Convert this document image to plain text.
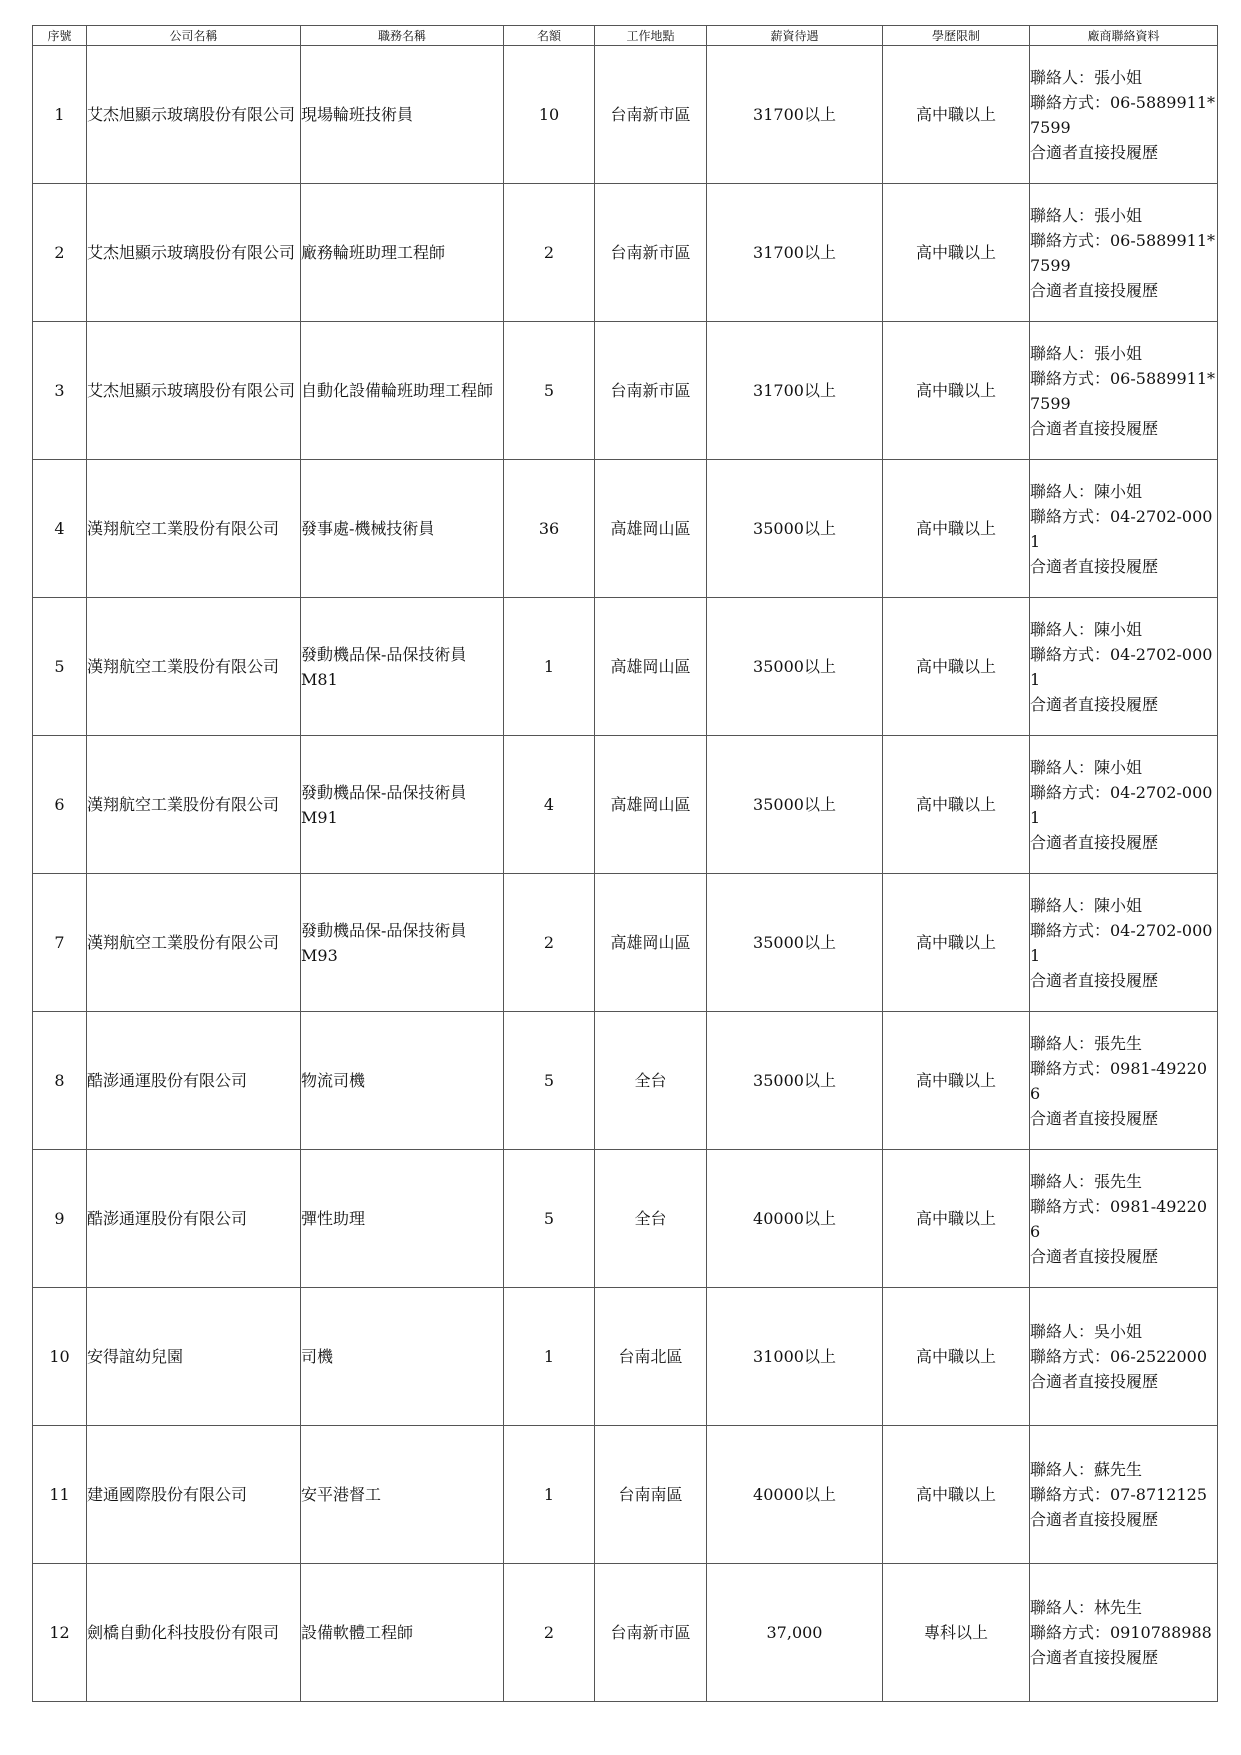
序號	公司名稱	職務名稱	名額	工作地點	薪資待遇	學歷限制	廠商聯絡資料
1	艾杰旭顯示玻璃股份有限公司	現場輪班技術員	10	台南新市區	31700以上	高中職以上	聯絡人：張小姐
聯絡方式：06-5889911*7599
合適者直接投履歷

2	艾杰旭顯示玻璃股份有限公司	廠務輪班助理工程師	2	台南新市區	31700以上	高中職以上	聯絡人：張小姐
聯絡方式：06-5889911*7599
合適者直接投履歷

3	艾杰旭顯示玻璃股份有限公司	自動化設備輪班助理工程師	5	台南新市區	31700以上	高中職以上	聯絡人：張小姐
聯絡方式：06-5889911*7599
合適者直接投履歷

4	漢翔航空工業股份有限公司	發事處-機械技術員	36	高雄岡山區	35000以上	高中職以上	聯絡人：陳小姐
聯絡方式：04-2702-0001
合適者直接投履歷

5	漢翔航空工業股份有限公司	發動機品保-品保技術員M81	1	高雄岡山區	35000以上	高中職以上	聯絡人：陳小姐
聯絡方式：04-2702-0001
合適者直接投履歷

6	漢翔航空工業股份有限公司	發動機品保-品保技術員M91	4	高雄岡山區	35000以上	高中職以上	聯絡人：陳小姐
聯絡方式：04-2702-0001
合適者直接投履歷

7	漢翔航空工業股份有限公司	發動機品保-品保技術員M93	2	高雄岡山區	35000以上	高中職以上	聯絡人：陳小姐
聯絡方式：04-2702-0001
合適者直接投履歷

8	酷澎通運股份有限公司	物流司機	5	全台	35000以上	高中職以上	聯絡人：張先生
聯絡方式：0981-492206
合適者直接投履歷

9	酷澎通運股份有限公司	彈性助理	5	全台	40000以上	高中職以上	聯絡人：張先生
聯絡方式：0981-492206
合適者直接投履歷

10	安得誼幼兒園	司機	1	台南北區	31000以上	高中職以上	聯絡人：吳小姐
聯絡方式：06-2522000
合適者直接投履歷

11	建通國際股份有限公司	安平港督工	1	台南南區	40000以上	高中職以上	聯絡人：蘇先生
聯絡方式：07-8712125
合適者直接投履歷

12	劍橋自動化科技股份有限司	設備軟體工程師	2	台南新市區	37,000	專科以上	聯絡人：林先生
聯絡方式：0910788988
合適者直接投履歷
